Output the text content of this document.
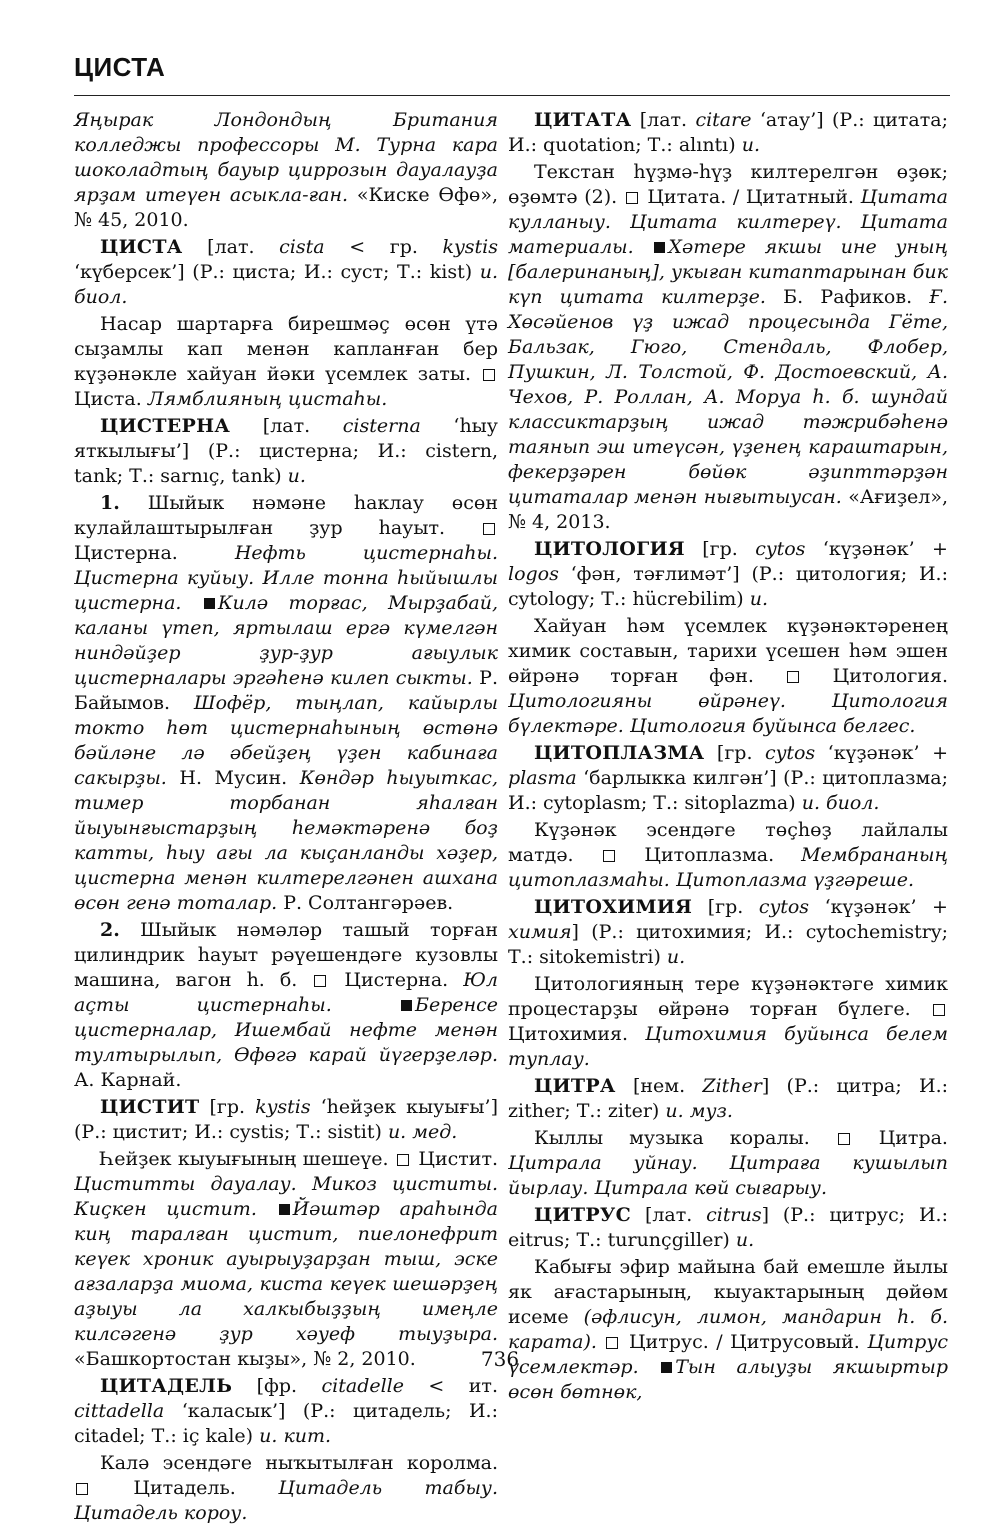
ЦИСТА

Яңырак Лондондың Британия колледжы профессоры М. Турна кара шоколадтың бауыр циррозын дауалауҙа ярҙам итеүен асыкла-ған. «Киске Өфө», № 45, 2010.

ЦИСТА [лат. cista < гр. kystis ‘күберсек’] (Р.: циста; И.: cyст; Т.: kist) и. биол.

Насар шартарға бирешмәç өсөн үтә сыҙамлы кап менән капланған бер күҙәнәкле хайуан йәки үсемлек заты.  Циста. Лямблияның цистаһы.

ЦИСТЕРНА [лат. cisterna ‘һыу яткылығы’] (Р.: цистерна; И.: cistern, tank; Т.: sarnıç, tank) и.

1. Шыйык нәмәне һаклау өсөн кулайлаштырылған ҙур һауыт.  Цистерна. Нефть цистернаһы. Цистерна куйыу. Илле тонна һыйышлы цистерна. Килә торғас, Мырҙабай, каланы үтеп, яртылаш ергә күмелгән ниндәйҙер ҙур-ҙур ағыулык цистерналары эргәһенә килеп сыкты. Р. Байымов. Шофёр, тыңлап, кайырлы токто һөт цистернаһының өстөнә бәйләне лә әбейҙең үҙен кабинаға сакырҙы. Н. Мусин. Көндәр һыуыткас, тимер торбанан яһалған йыуынғыстарҙың һемәктәренә боҙ катты, һыу ағы ла кыҫанланды хәҙер, цистерна менән килтерелгәнен ашхана өсөн генә тоталар. Р. Солтангәрәев.

2. Шыйык нәмәләр ташый торған цилиндрик һауыт рәүешендәге кузовлы машина, вагон һ. б.  Цистерна. Юл аҫты цистернаһы.	Беренсе цистерналар, Ишембай нефте менән тултырылып, Өфөгә карай йүгерҙеләр. А. Карнай.

ЦИСТИТ [гр. kystis ‘һейҙек кыуығы’] (Р.: цистит; И.: cystis; Т.: sistit) и. мед.

Һейҙек кыуығының шешеүе.  Цистит. Циститты дауалау. Микоз циститы. Киҫкен цистит. Йәштәр араһында киң таралған цистит, пиелонефрит кеүек хроник ауырыуҙарҙан тыш, эске ағзаларҙа миома, киста кеүек шешәрҙең аҙыуы ла халкыбыҙҙың имеңле килсәгенә ҙур хәуеф тыуҙыра. «Башкортостан кыҙы», № 2, 2010.

ЦИТАДЕЛЬ [фр. citadelle < ит. cittadella ‘каласык’] (Р.: цитадель; И.: citadel; Т.: iç kale) и. кит.

Калә эсендәге ныҡытылған королма.  Цитадель. Цитадель табыу. Цитадель короу.

ЦИТАТА [лат. citare ‘атау’] (Р.: цитата; И.: quotation; Т.: alıntı) и.

Текстан һүҙмә-һүҙ килтерелгән өҙөк; өҙөмтә (2).  Цитата. / Цитатный. Цитата кулланыу. Цитата килтереү. Цитата материалы. Хәтере якшы ине уның [балеринаның], укыған китаптарынан бик күп цитата килтерҙе. Б. Рафиков. Ғ. Хөсәйенов үҙ ижад процесында Гёте, Бальзак, Гюго, Стендаль, Флобер, Пушкин, Л. Толстой, Ф. Достоевский, А. Чехов, Р. Роллан, А. Моруа һ. б. шундай классиктарҙың ижад тәжрибәһенә таянып эш итеүсән, үҙенең караштарын, фекерҙәрен бөйөк әҙипттәрҙән цитаталар менән нығытыусан. «Ағиҙел», № 4, 2013.

ЦИТОЛОГИЯ [гр. cytos ‘күҙәнәк’ + logos ‘фән, тәғлимәт’] (Р.: цитология; И.: cytology; Т.: hücrebilim) и.

Хайуан һәм үсемлек күҙәнәктәренең химик составын, тарихи үсешен һәм эшен өйрәнә торған фән.	Цитология. Цитологияны өйрәнеү. Цитология бүлектәре. Цитология буйынса белгес.

ЦИТОПЛАЗМА [гр. cytos ‘күҙәнәк’ + plasma ‘барлыкка килгән’] (Р.: цитоплазма; И.: cytoplasm; Т.: sitoplazma) и. биол.

Күҙәнәк эсендәге төçһөҙ лайлалы матдә.  Цитоплазма. Мембрананың цитоплазмаһы. Цитоплазма үҙгәреше.

ЦИТОХИМИЯ [гр. cytos ‘күҙәнәк’ + химия] (Р.: цитохимия; И.: cytochemistry; Т.: sitokemistri) и.

Цитологияның тере күҙәнәктәге химик процестарҙы өйрәнә торған бүлеге.  Цитохимия. Цитохимия буйынса белем туплау.

ЦИТРА [нем. Zither] (Р.: цитра; И.: zither; Т.: ziter) и. муз.

Кыллы музыка коралы.  Цитра. Цитрала уйнау. Цитраға кушылып йырлау. Цитрала көй сығарыу.

ЦИТРУС [лат. citrus] (Р.: цитрус; И.: eitrus; Т.: turunçgiller) и.

Кабығы эфир майына бай емешле йылы як ағастарының, кыуактарының дөйөм исеме (әфлисун, лимон, мандарин һ. б. карата).  Цитрус. / Цитрусовый. Цитрус үсемлектәр. Тын алыуҙы якшыртыр өсөн бөтнөк,

736
